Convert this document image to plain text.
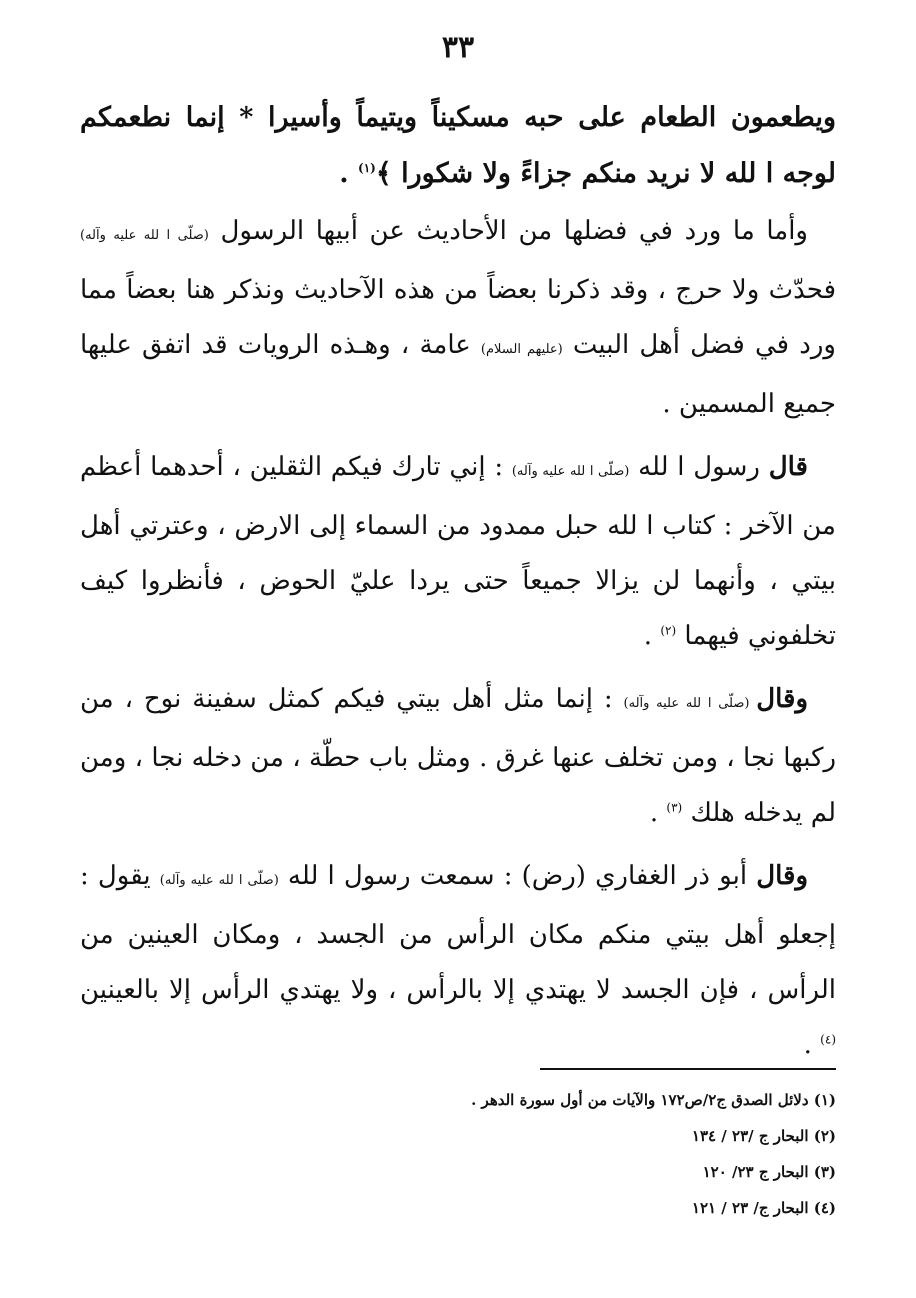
٣٣

ويطعمون الطعام على حبه مسكيناً ويتيماً وأسيرا * إنما نطعمكم لوجه ا لله لا نريد منكم جزاءً ولا شكورا ﴾$^{(١)}$ .

وأما ما ورد في فضلها من الأحاديث عن أبيها الرسول (صلّى ا لله عليه وآله) فحدّث ولا حرج ، وقد ذكرنا بعضاً من هذه الآحاديث ونذكر هنا بعضاً مما ورد في فضل أهل البيت (عليهم السلام) عامة ، وهـذه الرويات قد اتفق عليها جميع المسمين .

قال رسول ا لله (صلّى ا لله عليه وآله) : إني تارك فيكم الثقلين ، أحدهما أعظم من الآخر : كتاب ا لله حبل ممدود من السماء إلى الارض ، وعترتي أهل بيتي ، وأنهما لن يزالا جميعاً حتى يردا عليّ الحوض ، فأنظروا كيف تخلفوني فيهما $^{(٢)}$ .

وقال (صلّى ا لله عليه وآله) : إنما مثل أهل بيتي فيكم كمثل سفينة نوح ، من ركبها نجا ، ومن تخلف عنها غرق . ومثل باب حطّة ، من دخله نجا ، ومن لم يدخله هلك $^{(٣)}$ .

وقال أبو ذر الغفاري (رض) : سمعت رسول ا لله (صلّى ا لله عليه وآله) يقول : إجعلو أهل بيتي منكم مكان الرأس من الجسد ، ومكان العينين من الرأس ، فإن الجسد لا يهتدي إلا بالرأس ، ولا يهتدي الرأس إلا بالعينين $^{(٤)}$ .

(١) دلائل الصدق ج٢/ص١٧٢ والآيات من أول سورة الدهر .
(٢) البحار ج /٢٣ / ١٣٤
(٣) البحار ج ٢٣/ ١٢٠
(٤) البحار ج/ ٢٣ / ١٢١
